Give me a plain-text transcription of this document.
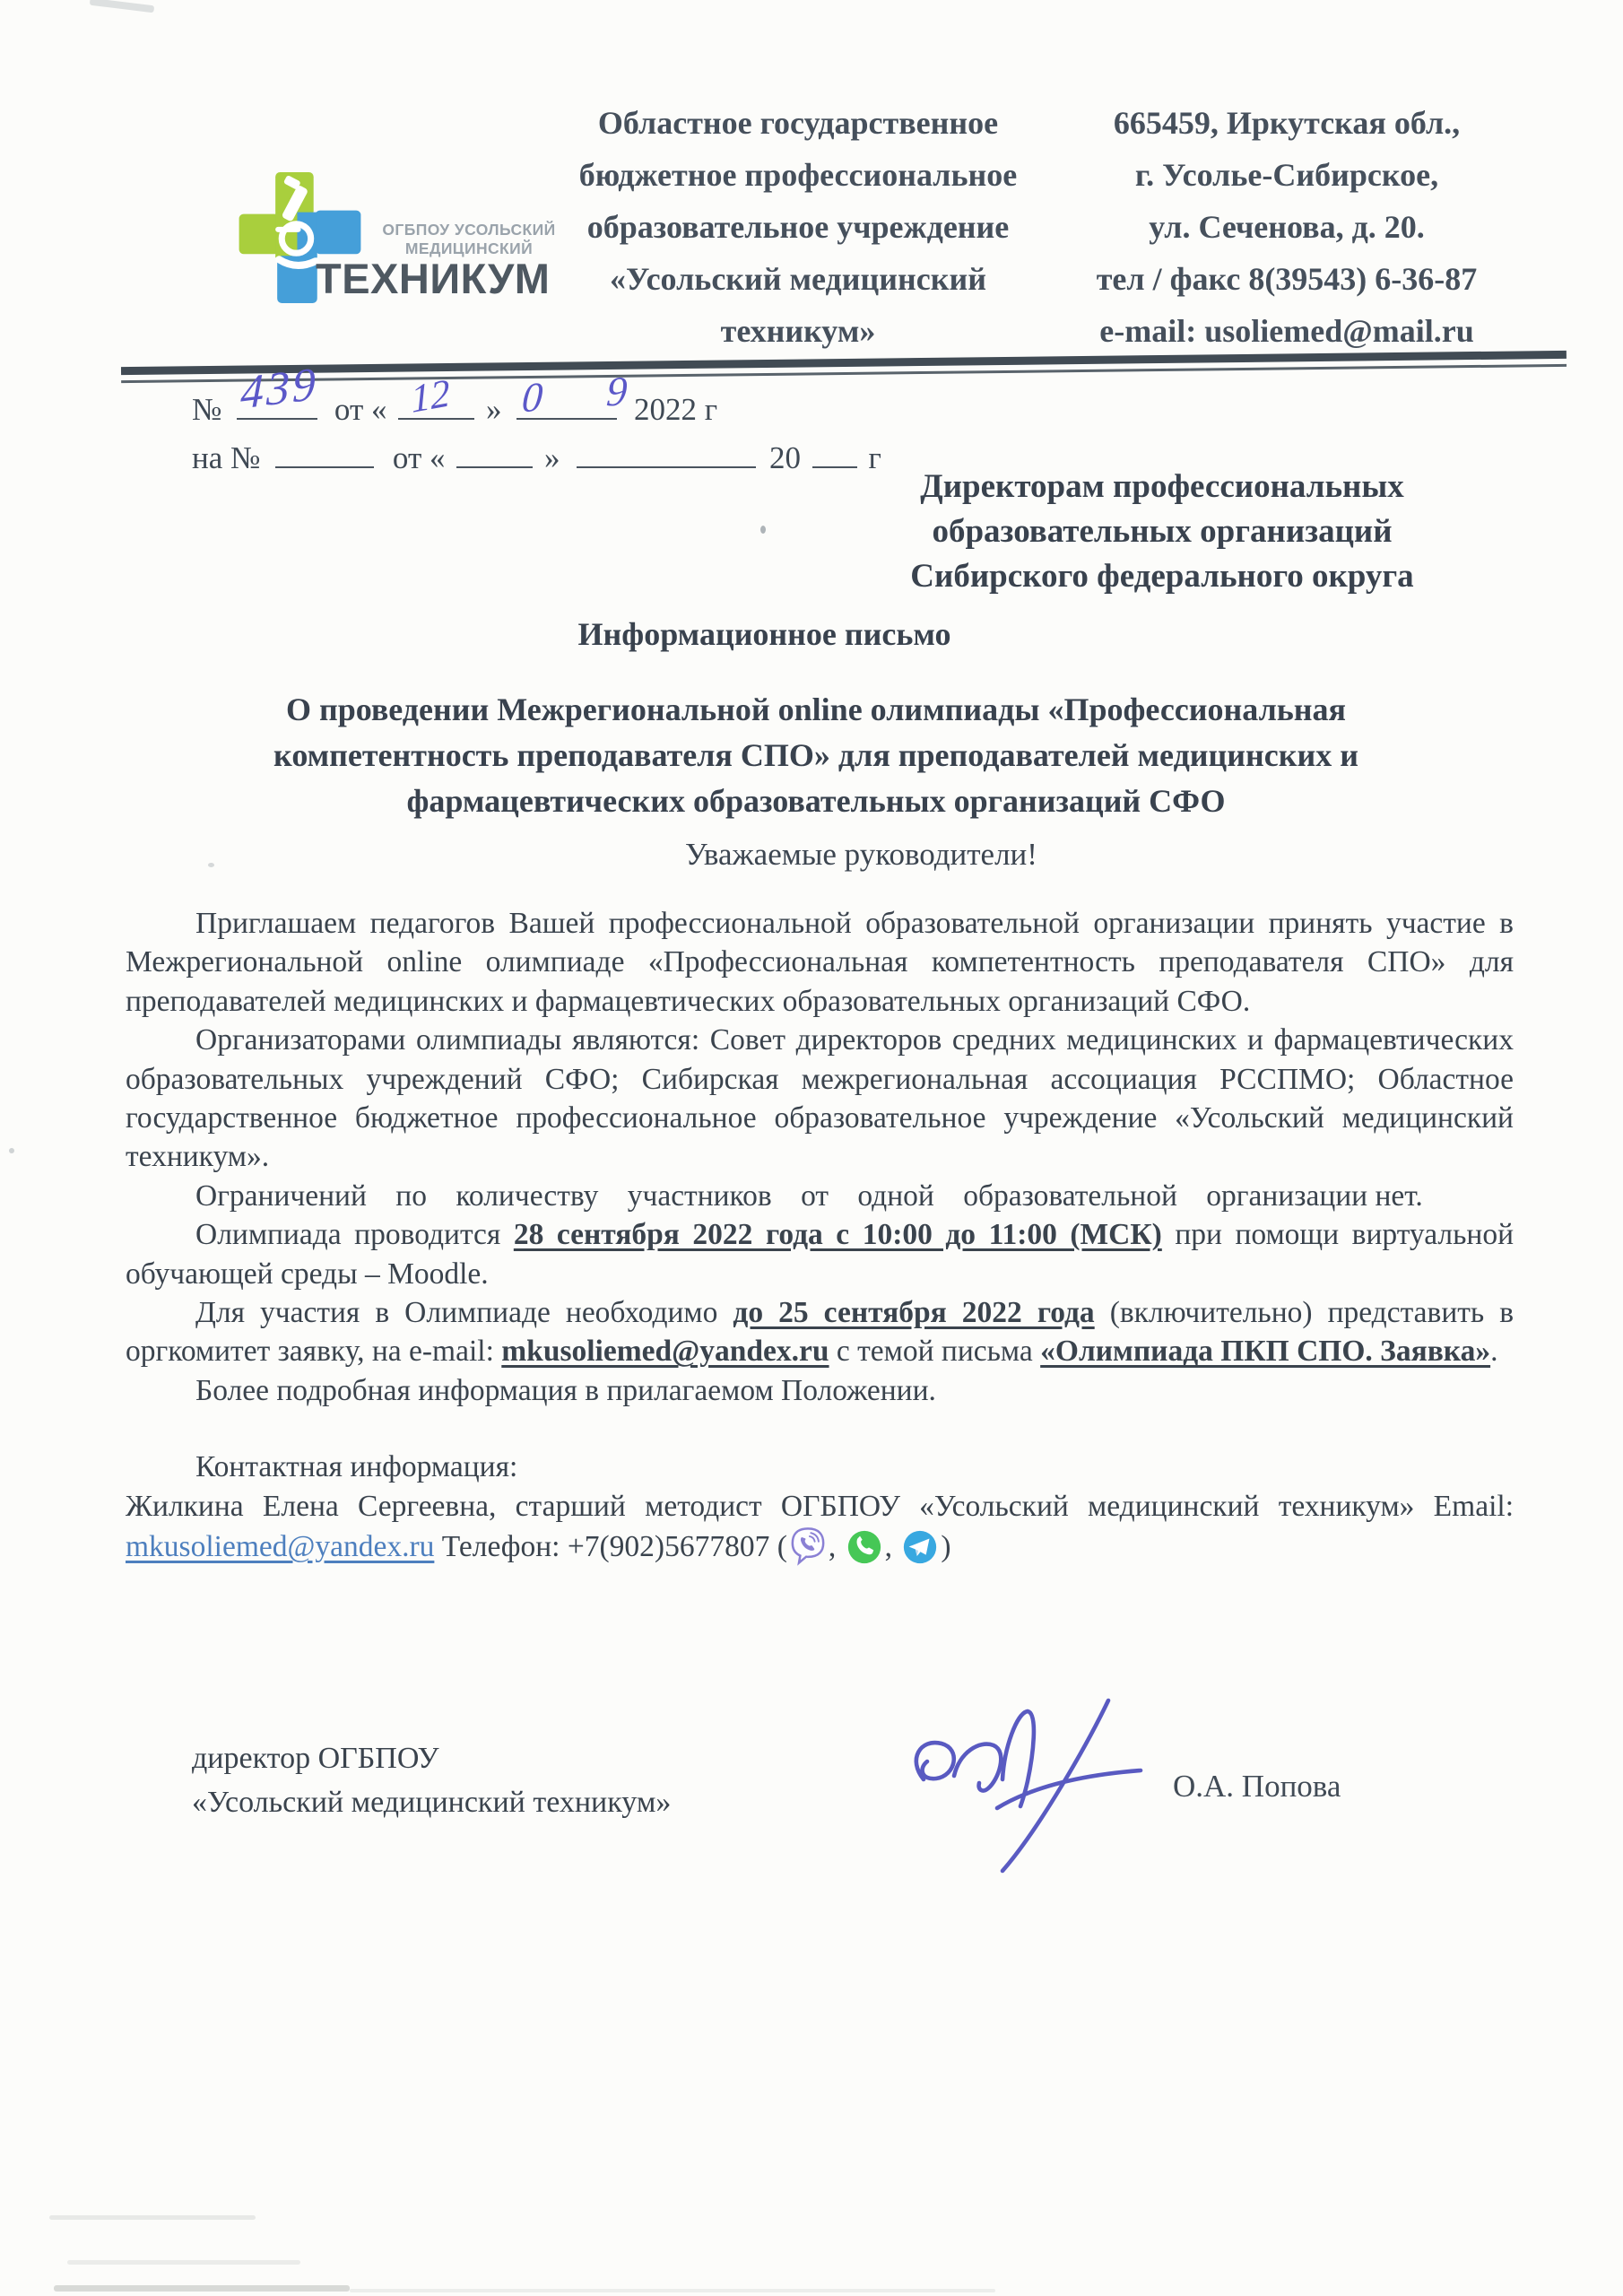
ОГБПОУ УСОЛЬСКИЙ
МЕДИЦИНСКИЙ
ТЕХНИКУМ
Областное государственное
бюджетное профессиональное
образовательное учреждение
«Усольский медицинский
техникум»
665459, Иркутская обл.,
г. Усолье-Сибирское,
ул. Сеченова, д. 20.
тел / факс 8(39543) 6-36-87
e-mail: usoliemed@mail.ru
№ 439 от « 12 » 0 9
2022 г
на №	от «	»	20 г
Директорам профессиональных
образовательных организаций
Сибирского федерального округа
Информационное письмо
О проведении Межрегиональной online олимпиады «Профессиональная
компетентность преподавателя СПО» для преподавателей медицинских и
фармацевтических образовательных организаций СФО
Уважаемые руководители!

Приглашаем педагогов Вашей профессиональной образовательной организации принять участие в Межрегиональной online олимпиаде «Профессиональная компетентность преподавателя СПО» для преподавателей медицинских и фармацевтических образовательных организаций СФО.

Организаторами олимпиады являются: Совет директоров средних медицинских и фармацевтических образовательных учреждений СФО; Сибирская межрегиональная ассоциация РССПМО; Областное государственное бюджетное профессиональное образовательное учреждение «Усольский медицинский техникум».

Ограничений по количеству участников от одной образовательной организации нет.

Олимпиада проводится 28 сентября 2022 года с 10:00 до 11:00 (МСК) при помощи виртуальной обучающей среды – Moodle.

Для участия в Олимпиаде необходимо до 25 сентября 2022 года (включительно) представить в оргкомитет заявку, на e-mail: mkusoliemed@yandex.ru с темой письма «Олимпиада ПКП СПО. Заявка».

Более подробная информация в прилагаемом Положении.

Контактная информация:

Жилкина Елена Сергеевна, старший методист ОГБПОУ «Усольский медицинский техникум» Email: mkusoliemed@yandex.ru Телефон: +7(902)5677807 ( , , )

директор ОГБПОУ
«Усольский медицинский техникум»	О.А. Попова
